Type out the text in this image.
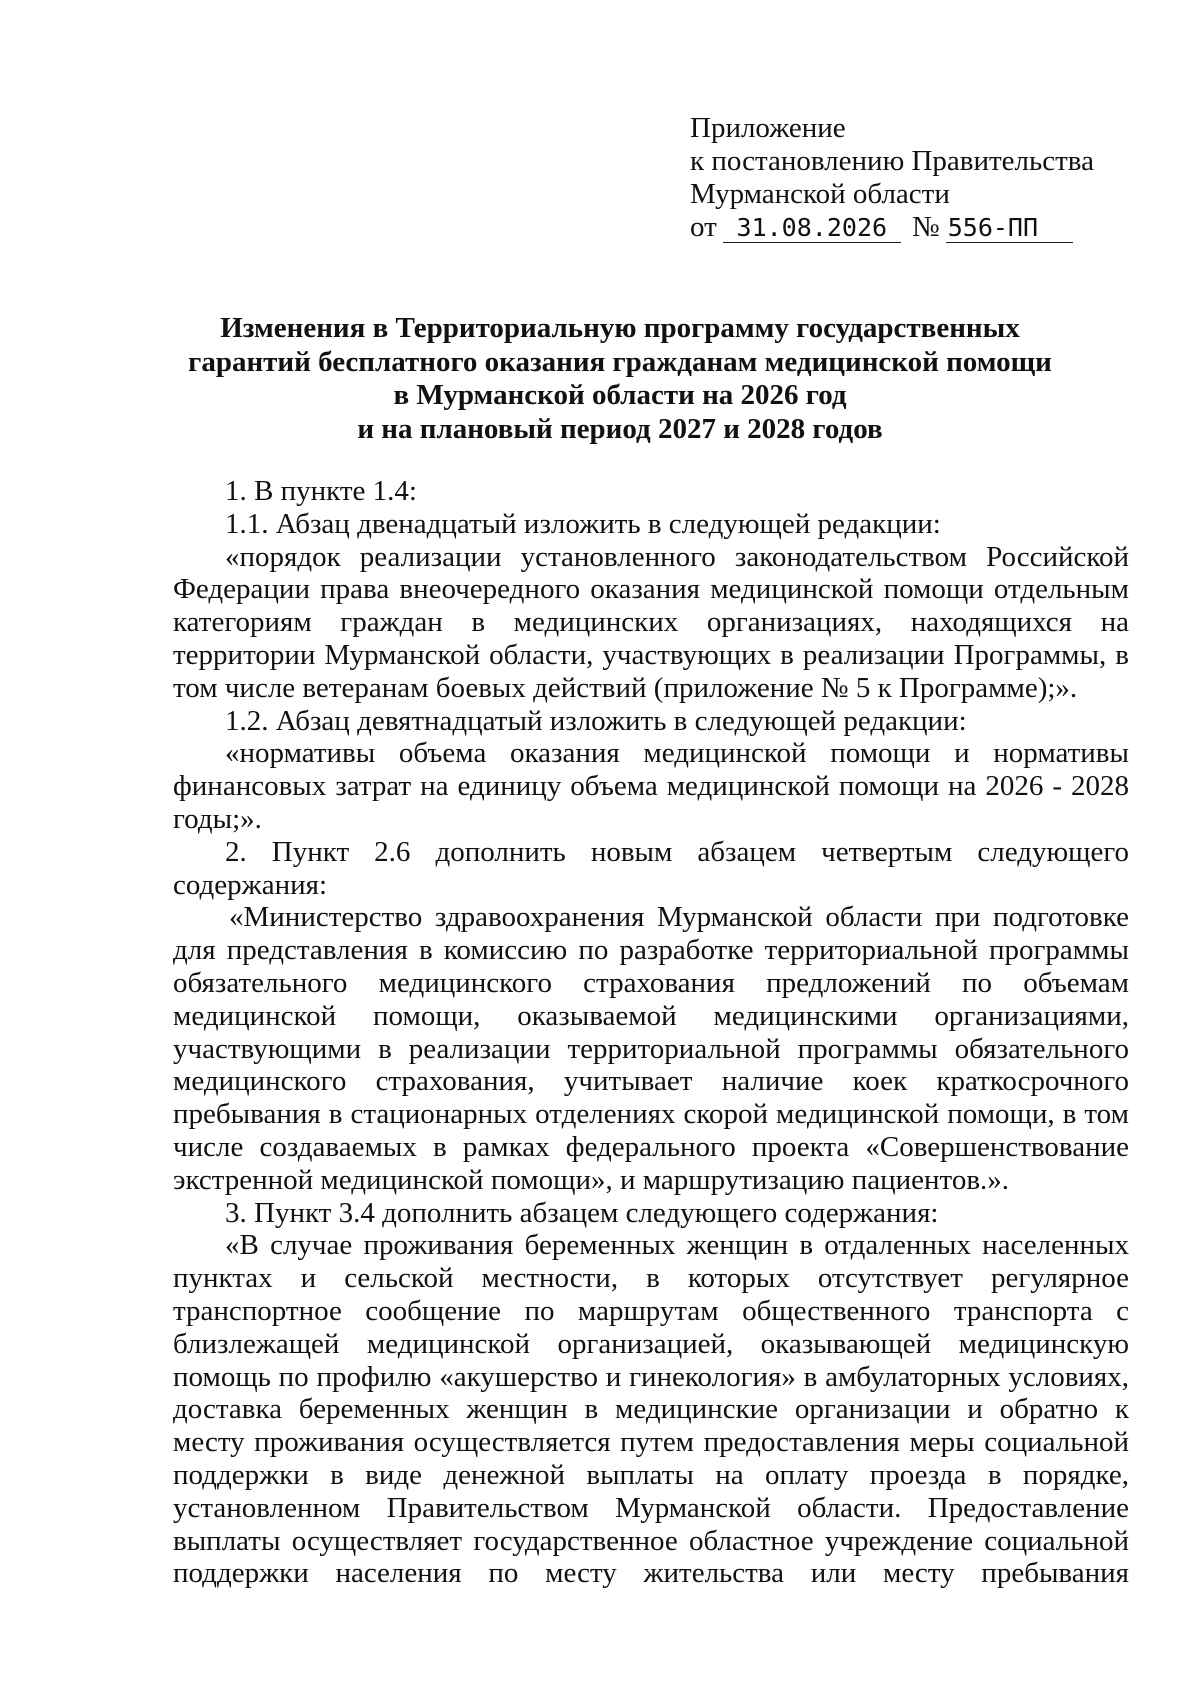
Приложение
к постановлению Правительства
Мурманской области
от 31.08.2026 № 556-ПП
Изменения в Территориальную программу государственных
гарантий бесплатного оказания гражданам медицинской помощи
в Мурманской области на 2026 год
и на плановый период 2027 и 2028 годов
1. В пункте 1.4:
1.1. Абзац двенадцатый изложить в следующей редакции:
«порядок реализации установленного законодательством Российской Федерации права внеочередного оказания медицинской помощи отдельным категориям граждан в медицинских организациях, находящихся на территории Мурманской области, участвующих в реализации Программы, в том числе ветеранам боевых действий (приложение № 5 к Программе);».
1.2. Абзац девятнадцатый изложить в следующей редакции:
«нормативы объема оказания медицинской помощи и нормативы финансовых затрат на единицу объема медицинской помощи на 2026 - 2028 годы;».
2. Пункт 2.6 дополнить новым абзацем четвертым следующего содержания:
«Министерство здравоохранения Мурманской области при подготовке для представления в комиссию по разработке территориальной программы обязательного медицинского страхования предложений по объемам медицинской помощи, оказываемой медицинскими организациями, участвующими в реализации территориальной программы обязательного медицинского страхования, учитывает наличие коек краткосрочного пребывания в стационарных отделениях скорой медицинской помощи, в том числе создаваемых в рамках федерального проекта «Совершенствование экстренной медицинской помощи», и маршрутизацию пациентов.».
3. Пункт 3.4 дополнить абзацем следующего содержания:
«В случае проживания беременных женщин в отдаленных населенных пунктах и сельской местности, в которых отсутствует регулярное транспортное сообщение по маршрутам общественного транспорта с близлежащей медицинской организацией, оказывающей медицинскую помощь по профилю «акушерство и гинекология» в амбулаторных условиях, доставка беременных женщин в медицинские организации и обратно к месту проживания осуществляется путем предоставления меры социальной поддержки в виде денежной выплаты на оплату проезда в порядке, установленном Правительством Мурманской области. Предоставление выплаты осуществляет государственное областное учреждение социальной поддержки населения по месту жительства или месту пребывания
